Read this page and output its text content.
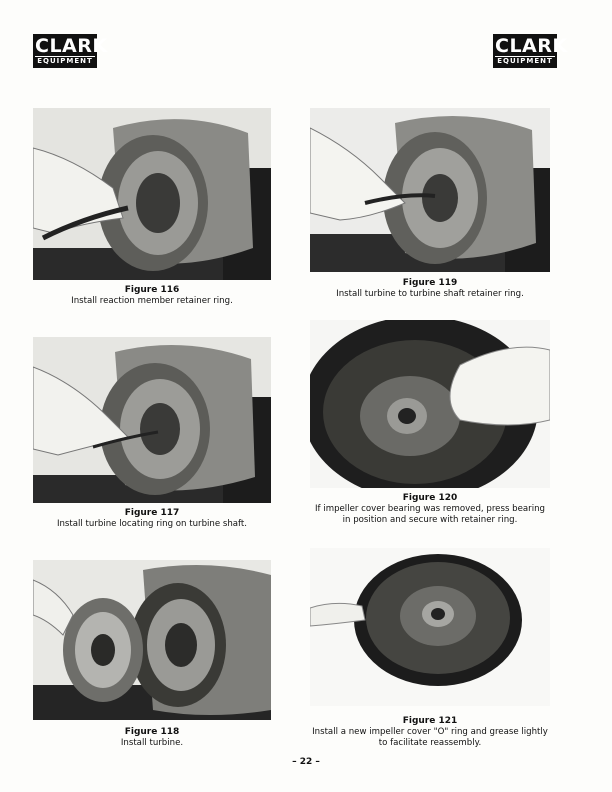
CLARK
EQUIPMENT
CLARK
EQUIPMENT
Figure 116
Install reaction member retainer ring.
Figure 119
Install turbine to turbine shaft retainer ring.
Figure 117
Install turbine locating ring on turbine shaft.
Figure 120
If impeller cover bearing was removed, press bearing in position and secure with retainer ring.
Figure 118
Install turbine.
Figure 121
Install a new impeller cover "O" ring and grease lightly to facilitate reassembly.
– 22 –
